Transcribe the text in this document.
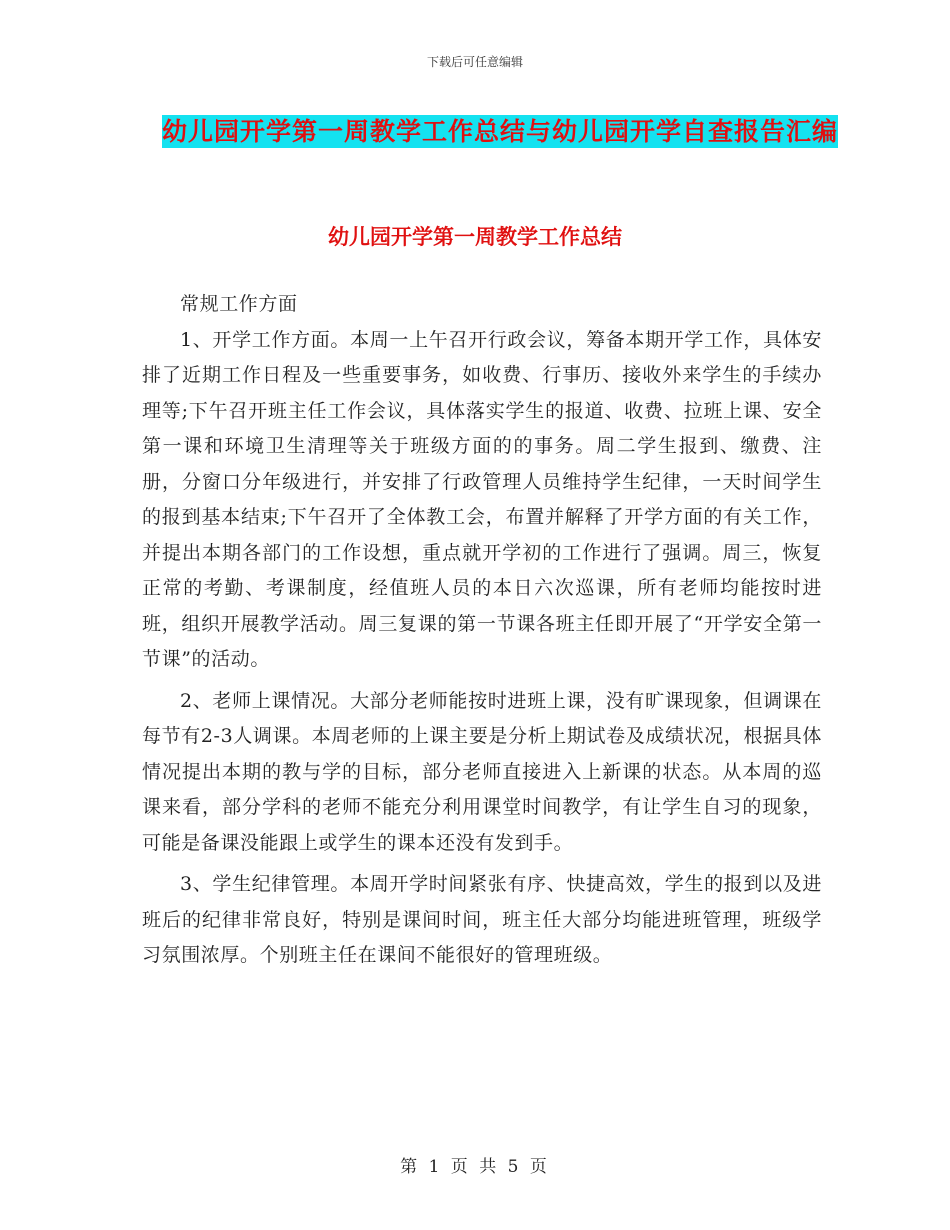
下载后可任意编辑
幼儿园开学第一周教学工作总结与幼儿园开学自查报告汇编
幼儿园开学第一周教学工作总结

常规工作方面

1、开学工作方面。本周一上午召开行政会议，筹备本期开学工作，具体安排了近期工作日程及一些重要事务，如收费、行事历、接收外来学生的手续办理等;下午召开班主任工作会议，具体落实学生的报道、收费、拉班上课、安全第一课和环境卫生清理等关于班级方面的的事务。周二学生报到、缴费、注册，分窗口分年级进行，并安排了行政管理人员维持学生纪律，一天时间学生的报到基本结束;下午召开了全体教工会，布置并解释了开学方面的有关工作，并提出本期各部门的工作设想，重点就开学初的工作进行了强调。周三，恢复正常的考勤、考课制度，经值班人员的本日六次巡课，所有老师均能按时进班，组织开展教学活动。周三复课的第一节课各班主任即开展了“开学安全第一节课”的活动。

2、老师上课情况。大部分老师能按时进班上课，没有旷课现象，但调课在每节有2-3人调课。本周老师的上课主要是分析上期试卷及成绩状况，根据具体情况提出本期的教与学的目标，部分老师直接进入上新课的状态。从本周的巡课来看，部分学科的老师不能充分利用课堂时间教学，有让学生自习的现象，可能是备课没能跟上或学生的课本还没有发到手。

3、学生纪律管理。本周开学时间紧张有序、快捷高效，学生的报到以及进班后的纪律非常良好，特别是课间时间，班主任大部分均能进班管理，班级学习氛围浓厚。个别班主任在课间不能很好的管理班级。

第 1 页 共 5 页
